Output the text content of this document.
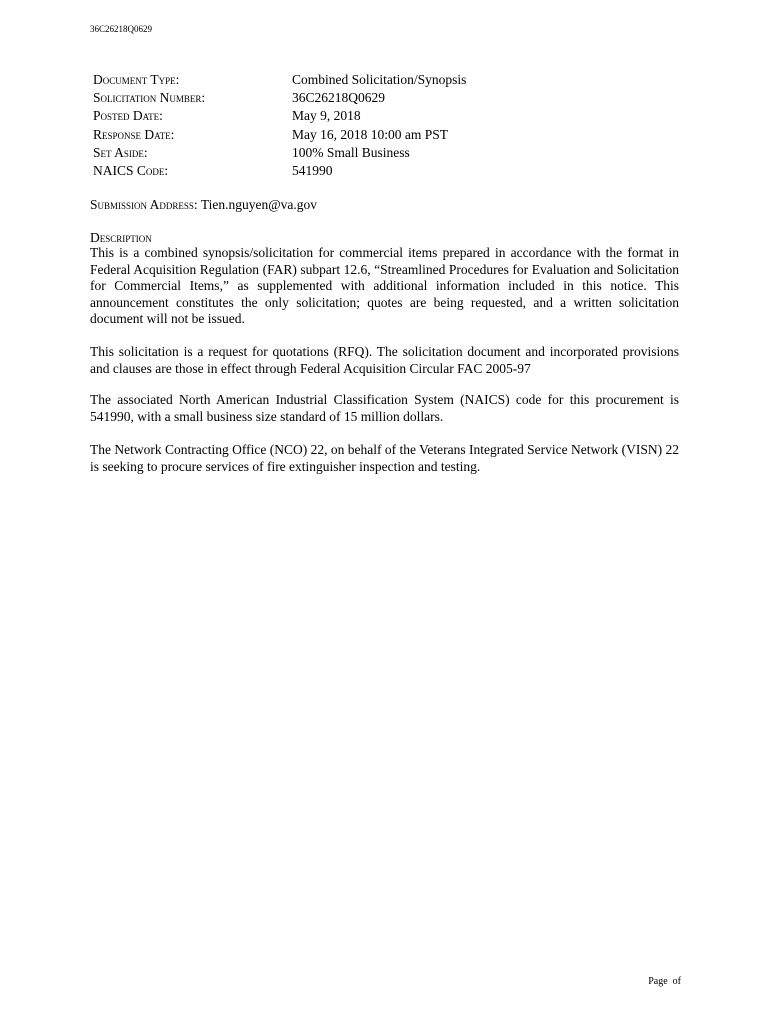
36C26218Q0629
Document Type:	Combined Solicitation/Synopsis
Solicitation Number:	36C26218Q0629
Posted Date:	May 9, 2018
Response Date:	May 16, 2018 10:00 am PST
Set Aside:	100% Small Business
NAICS Code:	541990
Submission Address: Tien.nguyen@va.gov
Description

This is a combined synopsis/solicitation for commercial items prepared in accordance with the format in Federal Acquisition Regulation (FAR) subpart 12.6, “Streamlined Procedures for Evaluation and Solicitation for Commercial Items,” as supplemented with additional information included in this notice. This announcement constitutes the only solicitation; quotes are being requested, and a written solicitation document will not be issued.

This solicitation is a request for quotations (RFQ). The solicitation document and incorporated provisions and clauses are those in effect through Federal Acquisition Circular FAC 2005-97

The associated North American Industrial Classification System (NAICS) code for this procurement is 541990, with a small business size standard of 15 million dollars.

The Network Contracting Office (NCO) 22, on behalf of the Veterans Integrated Service Network (VISN) 22 is seeking to procure services of fire extinguisher inspection and testing.

Page  of
